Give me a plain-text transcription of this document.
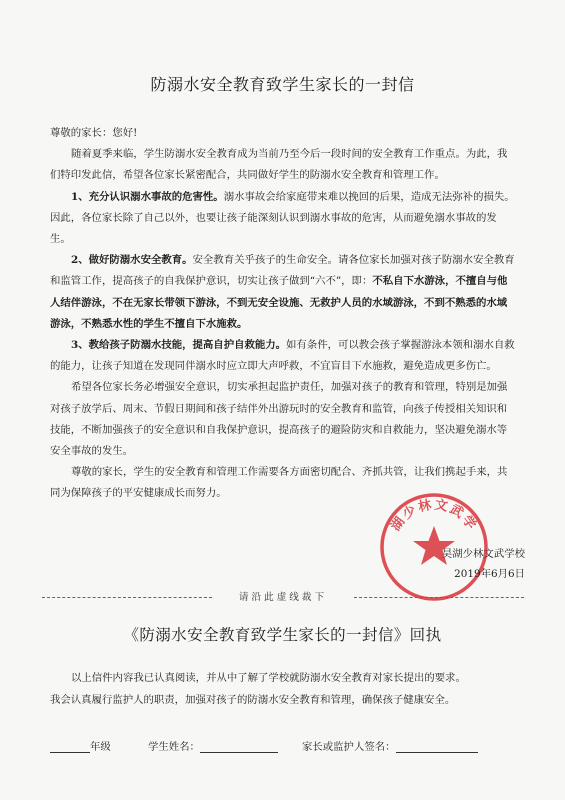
防溺水安全教育致学生家长的一封信

尊敬的家长：您好!

随着夏季来临，学生防溺水安全教育成为当前乃至今后一段时间的安全教育工作重点。为此，我们特印发此信，希望各位家长紧密配合，共同做好学生的防溺水安全教育和管理工作。

1、充分认识溺水事故的危害性。溺水事故会给家庭带来难以挽回的后果，造成无法弥补的损失。因此，各位家长除了自己以外，也要让孩子能深刻认识到溺水事故的危害，从而避免溺水事故的发生。

2、做好防溺水安全教育。安全教育关乎孩子的生命安全。请各位家长加强对孩子防溺水安全教育和监管工作，提高孩子的自我保护意识，切实让孩子做到“六不”，即：不私自下水游泳，不擅自与他人结伴游泳，不在无家长带领下游泳，不到无安全设施、无救护人员的水域游泳，不到不熟悉的水域游泳，不熟悉水性的学生不擅自下水施救。

3、教给孩子防溺水技能，提高自护自救能力。如有条件，可以教会孩子掌握游泳本领和溺水自救的能力，让孩子知道在发现同伴溺水时应立即大声呼救，不宜盲目下水施救，避免造成更多伤亡。

希望各位家长务必增强安全意识，切实承担起监护责任，加强对孩子的教育和管理，特别是加强对孩子放学后、周末、节假日期间和孩子结伴外出游玩时的安全教育和监管，向孩子传授相关知识和技能，不断加强孩子的安全意识和自我保护意识，提高孩子的避险防灾和自救能力，坚决避免溺水等安全事故的发生。

尊敬的家长，学生的安全教育和管理工作需要各方面密切配合、齐抓共管，让我们携起手来，共同为保障孩子的平安健康成长而努力。

湖少林文武学
昊湖少林文武学校
2019年6月6日
请沿此虚线裁下
《防溺水安全教育致学生家长的一封信》回执

以上信件内容我已认真阅读，并从中了解了学校就防溺水安全教育对家长提出的要求。

我会认真履行监护人的职责，加强对孩子的防溺水安全教育和管理，确保孩子健康安全。

年级	学生姓名：	家长或监护人签名：
